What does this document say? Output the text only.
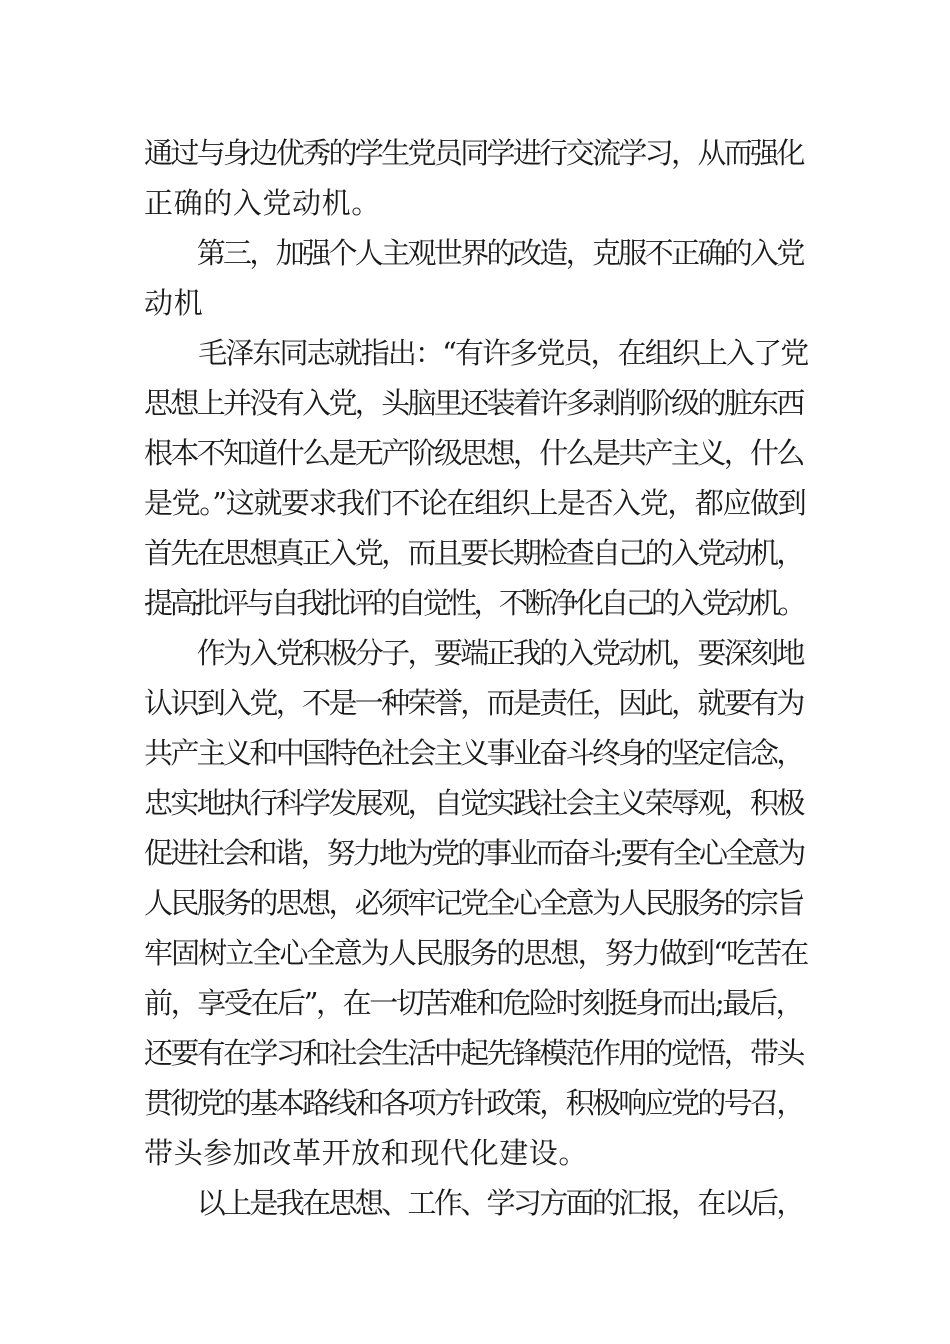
通过与身边优秀的学生党员同学进行交流学习，从而强化
正确的入党动机。
　　第三，加强个人主观世界的改造，克服不正确的入党
动机
　　毛泽东同志就指出：“有许多党员，在组织上入了党
思想上并没有入党，头脑里还装着许多剥削阶级的脏东西
根本不知道什么是无产阶级思想，什么是共产主义，什么
是党。”这就要求我们不论在组织上是否入党，都应做到
首先在思想真正入党，而且要长期检查自己的入党动机，
提高批评与自我批评的自觉性，不断净化自己的入党动机。
　　作为入党积极分子，要端正我的入党动机，要深刻地
认识到入党，不是一种荣誉，而是责任，因此，就要有为
共产主义和中国特色社会主义事业奋斗终身的坚定信念，
忠实地执行科学发展观，自觉实践社会主义荣辱观，积极
促进社会和谐，努力地为党的事业而奋斗;要有全心全意为
人民服务的思想，必须牢记党全心全意为人民服务的宗旨
牢固树立全心全意为人民服务的思想，努力做到“吃苦在
前，享受在后”，在一切苦难和危险时刻挺身而出;最后，
还要有在学习和社会生活中起先锋模范作用的觉悟，带头
贯彻党的基本路线和各项方针政策，积极响应党的号召，
带头参加改革开放和现代化建设。
　　以上是我在思想、工作、学习方面的汇报，在以后，
